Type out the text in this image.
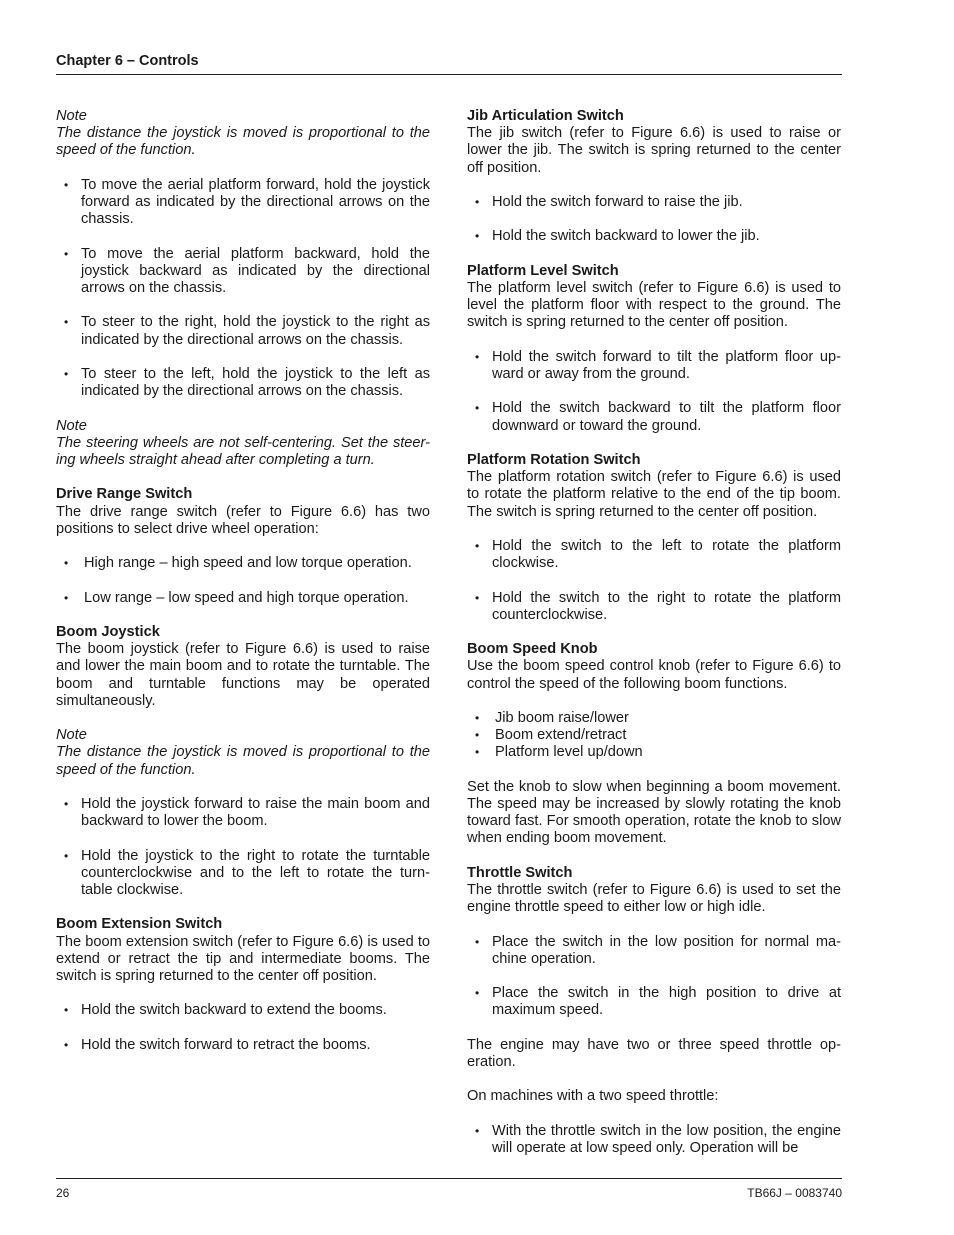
Chapter 6 – Controls

Note

The distance the joystick is moved is proportional to the speed of the function.

• To move the aerial platform forward, hold the joystick forward as indicated by the directional arrows on the chassis.

• To move the aerial platform backward, hold the joystick backward as indicated by the directional arrows on the chassis.

• To steer to the right, hold the joystick to the right as indicated by the directional arrows on the chassis.

• To steer to the left, hold the joystick to the left as indicated by the directional arrows on the chassis.

Note

The steering wheels are not self-centering. Set the steer-ing wheels straight ahead after completing a turn.

Drive Range Switch

The drive range switch (refer to Figure 6.6) has two positions to select drive wheel operation:

• High range – high speed and low torque operation.

• Low range – low speed and high torque operation.

Boom Joystick

The boom joystick (refer to Figure 6.6) is used to raise and lower the main boom and to rotate the turntable. The boom and turntable functions may be operated simultaneously.

Note

The distance the joystick is moved is proportional to the speed of the function.

• Hold the joystick forward to raise the main boom and backward to lower the boom.

• Hold the joystick to the right to rotate the turntable counterclockwise and to the left to rotate the turn-table clockwise.

Boom Extension Switch

The boom extension switch (refer to Figure 6.6) is used to extend or retract the tip and intermediate booms. The switch is spring returned to the center off position.

• Hold the switch backward to extend the booms.

• Hold the switch forward to retract the booms.

Jib Articulation Switch

The jib switch (refer to Figure 6.6) is used to raise or lower the jib. The switch is spring returned to the center off position.

• Hold the switch forward to raise the jib.

• Hold the switch backward to lower the jib.

Platform Level Switch

The platform level switch (refer to Figure 6.6) is used to level the platform floor with respect to the ground. The switch is spring returned to the center off position.

• Hold the switch forward to tilt the platform floor up-ward or away from the ground.

• Hold the switch backward to tilt the platform floor downward or toward the ground.

Platform Rotation Switch

The platform rotation switch (refer to Figure 6.6) is used to rotate the platform relative to the end of the tip boom. The switch is spring returned to the center off position.

• Hold the switch to the left to rotate the platform clockwise.

• Hold the switch to the right to rotate the platform counterclockwise.

Boom Speed Knob

Use the boom speed control knob (refer to Figure 6.6) to control the speed of the following boom functions.

• Jib boom raise/lower

• Boom extend/retract

• Platform level up/down

Set the knob to slow when beginning a boom movement. The speed may be increased by slowly rotating the knob toward fast. For smooth operation, rotate the knob to slow when ending boom movement.

Throttle Switch

The throttle switch (refer to Figure 6.6) is used to set the engine throttle speed to either low or high idle.

• Place the switch in the low position for normal ma-chine operation.

• Place the switch in the high position to drive at maximum speed.

The engine may have two or three speed throttle op-eration.

On machines with a two speed throttle:

• With the throttle switch in the low position, the engine will operate at low speed only. Operation will be

26	TB66J – 0083740
